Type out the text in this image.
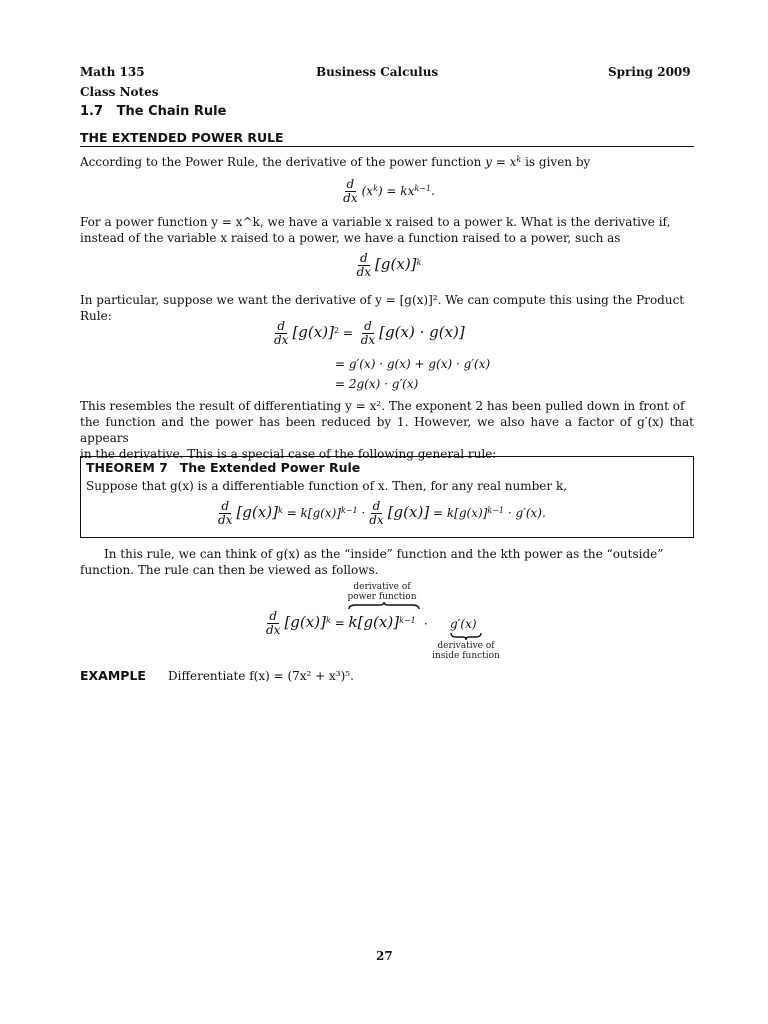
Math 135	Business Calculus	Spring 2009
Class Notes
1.7 The Chain Rule
THE EXTENDED POWER RULE
According to the Power Rule, the derivative of the power function $y = x^k$ is given by
$\frac{d}{dx} (x^k) = kx^{k-1}$.
For a power function y = x^k, we have a variable x raised to a power k. What is the derivative if,
instead of the variable x raised to a power, we have a function raised to a power, such as
$\frac{d}{dx} [g(x)]^k$
In particular, suppose we want the derivative of y = [g(x)]². We can compute this using the Product
Rule:
$\frac{d}{dx} [g(x)]^2 = \frac{d}{dx} [g(x) \cdot g(x)]$
= g′(x) · g(x) + g(x) · g′(x)
= 2g(x) · g′(x)
This resembles the result of differentiating y = x². The exponent 2 has been pulled down in front of
the function and the power has been reduced by 1. However, we also have a factor of g′(x) that appears
in the derivative. This is a special case of the following general rule:
THEOREM 7 The Extended Power Rule
Suppose that g(x) is a differentiable function of x. Then, for any real number k,
$\frac{d}{dx} [g(x)]^k = k[g(x)]^{k-1} \cdot \frac{d}{dx} [g(x)] = k[g(x)]^{k-1} \cdot g'(x)$.
In this rule, we can think of g(x) as the “inside” function and the kth power as the “outside”
function. The rule can then be viewed as follows.
derivative of
power function
$\frac{d}{dx} [g(x)]^k = k[g(x)]^{k-1} \cdot g'(x)$
derivative of
inside function
EXAMPLE Differentiate f(x) = (7x² + x³)⁵.
27
